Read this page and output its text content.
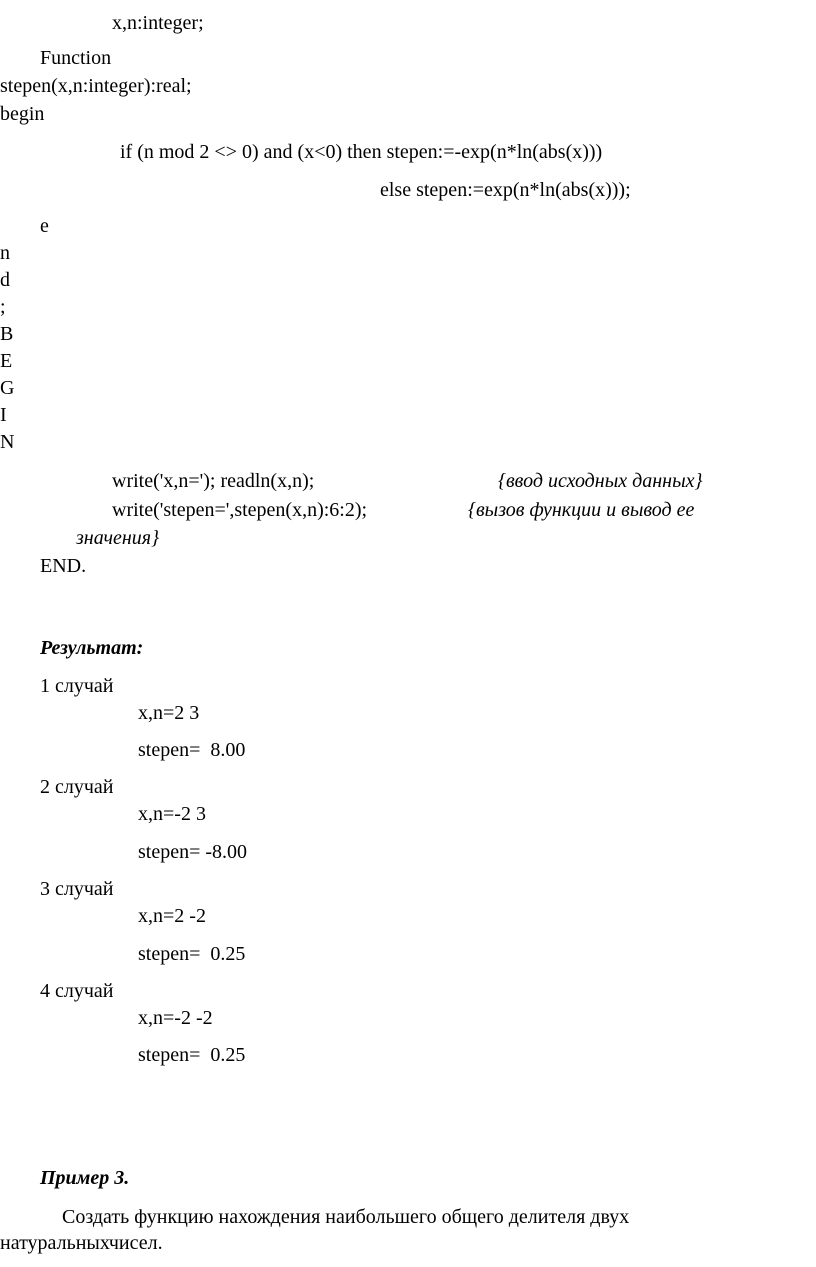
x,n:integer;
Function
stepen(x,n:integer):real;
begin
if (n mod 2 <> 0) and (x<0) then stepen:=-exp(n*ln(abs(x)))
else stepen:=exp(n*ln(abs(x)));
e
n
d
;
B
E
G
I
N
write('x,n='); readln(x,n);	{ввод исходных данных}
write('stepen=',stepen(x,n):6:2);	{вызов функции и вывод ее
значения}
END.
Результат:
1 случай
x,n=2 3
stepen=  8.00
2 случай
x,n=-2 3
stepen= -8.00
3 случай
x,n=2 -2
stepen=  0.25
4 случай
x,n=-2 -2
stepen=  0.25
Пример 3.
Создать функцию нахождения наибольшего общего делителя двух
натуральныхчисел.
